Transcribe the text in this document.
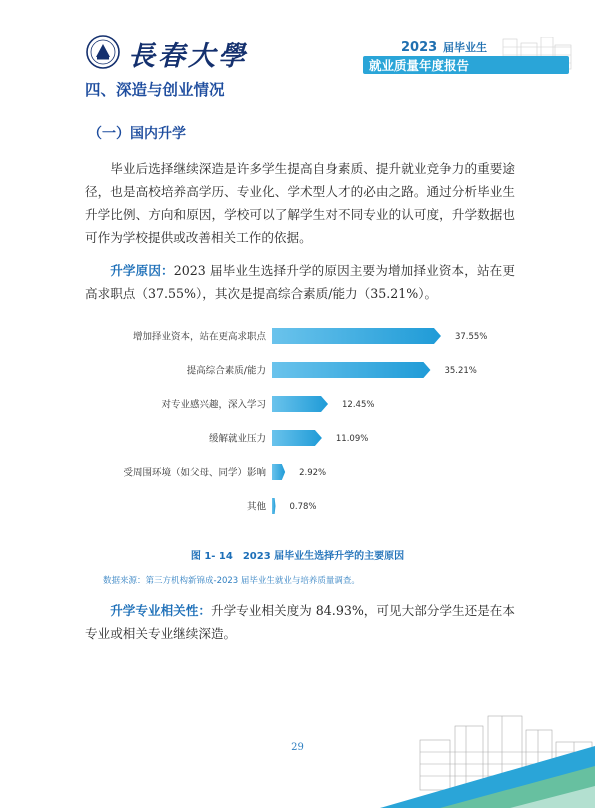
長春大學	2023 届毕业生
就业质量年度报告
四、深造与创业情况
（一）国内升学
毕业后选择继续深造是许多学生提高自身素质、提升就业竞争力的重要途径，也是高校培养高学历、专业化、学术型人才的必由之路。通过分析毕业生升学比例、方向和原因，学校可以了解学生对不同专业的认可度，升学数据也可作为学校提供或改善相关工作的依据。
升学原因：2023 届毕业生选择升学的原因主要为增加择业资本，站在更高求职点（37.55%），其次是提高综合素质/能力（35.21%）。
增加择业资本，站在更高求职点	37.55%
提高综合素质/能力	35.21%
对专业感兴趣，深入学习	12.45%
缓解就业压力	11.09%
受周围环境（如父母、同学）影响	2.92%
其他	0.78%
图 1- 14　2023 届毕业生选择升学的主要原因
数据来源：第三方机构新锦成-2023 届毕业生就业与培养质量调查。
升学专业相关性：升学专业相关度为 84.93%，可见大部分学生还是在本专业或相关专业继续深造。
29
